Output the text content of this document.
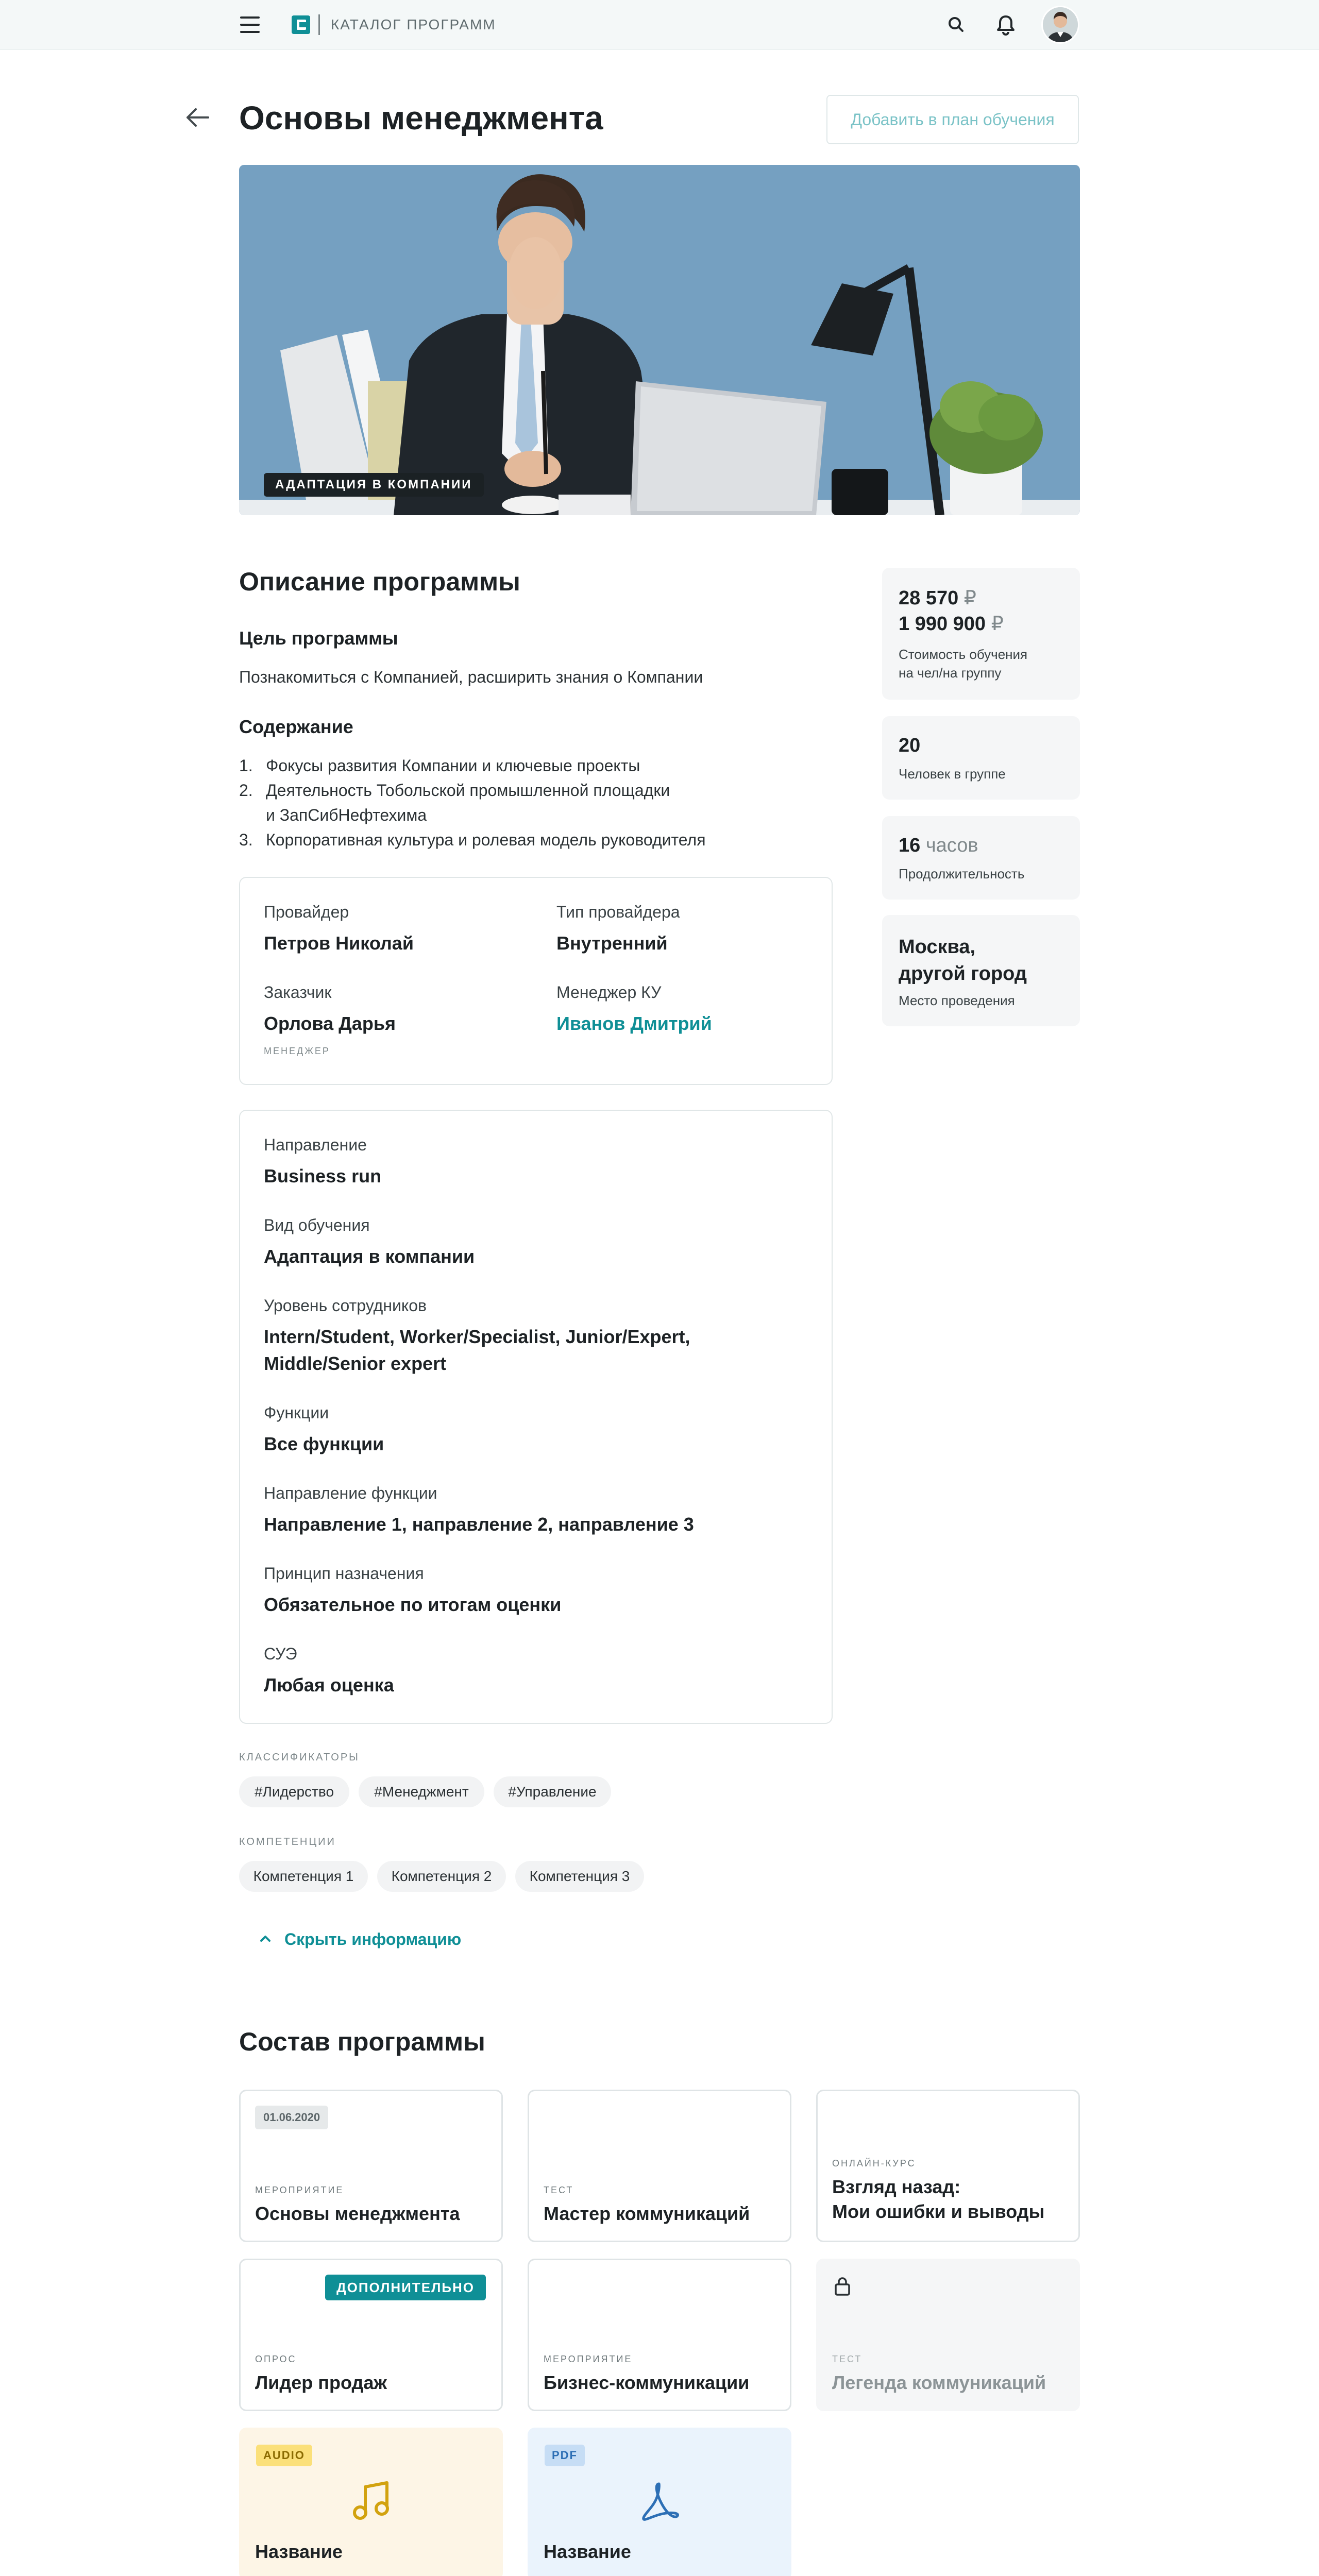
КАТАЛОГ ПРОГРАММ
Основы менеджмента	Добавить в план обучения
АДАПТАЦИЯ В КОМПАНИИ
Описание программы
Цель программы
Познакомиться с Компанией, расширить знания о Компании
Содержание
1. Фокусы развития Компании и ключевые проекты
2. Деятельность Тобольской промышленной площадки
и ЗапСибНефтехима
3. Корпоративная культура и ролевая модель руководителя
Провайдер
Петров Николай
Тип провайдера
Внутренний
Заказчик
Орлова Дарья
МЕНЕДЖЕР
Менеджер КУ
Иванов Дмитрий
Направление
Business run
Вид обучения
Адаптация в компании
Уровень сотрудников
Intern/Student, Worker/Specialist, Junior/Expert,
Middle/Senior expert
Функции
Все функции
Направление функции
Направление 1, направление 2, направление 3
Принцип назначения
Обязательное по итогам оценки
СУЭ
Любая оценка
28 570 ₽
1 990 900 ₽
Стоимость обучения
на чел/на группу
20
Человек в группе
16 часов
Продолжительность
Москва,
другой город
Место проведения
КЛАССИФИКАТОРЫ
#Лидерство	#Менеджмент	#Управление
КОМПЕТЕНЦИИ
Компетенция 1	Компетенция 2	Компетенция 3
Скрыть информацию
Состав программы
01.06.2020
МЕРОПРИЯТИЕ
Основы менеджмента
ТЕСТ
Мастер коммуникаций
ОНЛАЙН-КУРС
Взгляд назад:
Мои ошибки и выводы
ДОПОЛНИТЕЛЬНО
ОПРОС
Лидер продаж
МЕРОПРИЯТИЕ
Бизнес-коммуникации
ТЕСТ
Легенда коммуникаций
AUDIO
Название
PDF
Название
